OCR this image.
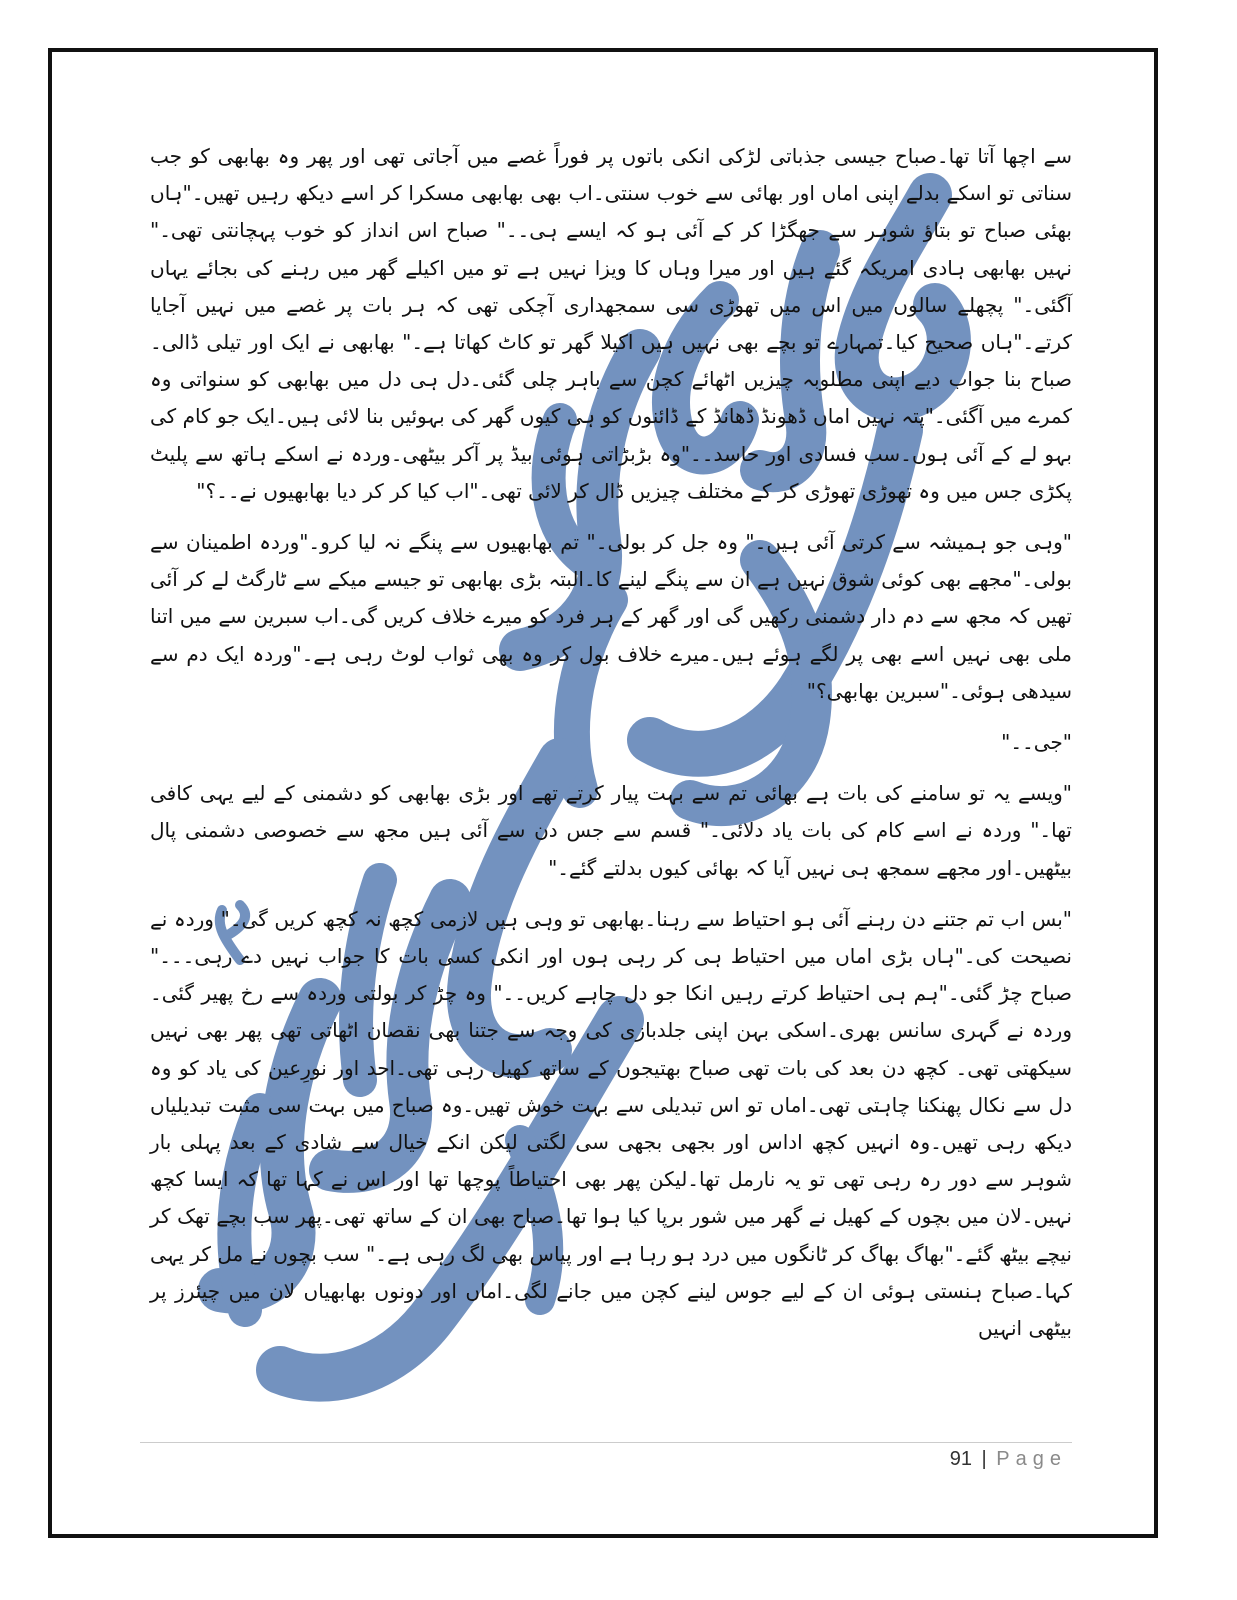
سے اچھا آتا تھا۔صباح جیسی جذباتی لڑکی انکی باتوں پر فوراً غصے میں آجاتی تھی اور پھر وہ بھابھی کو جب سناتی تو اسکے بدلے اپنی اماں اور بھائی سے خوب سنتی۔اب بھی بھابھی مسکرا کر اسے دیکھ رہیں تھیں۔"ہاں بھئی صباح تو بتاؤ شوہر سے جھگڑا کر کے آئی ہو کہ ایسے ہی۔۔" صباح اس انداز کو خوب پہچانتی تھی۔" نہیں بھابھی ہادی امریکہ گئے ہیں اور میرا وہاں کا ویزا نہیں ہے تو میں اکیلے گھر میں رہنے کی بجائے یہاں آگئی۔" پچھلے سالوں میں اس میں تھوڑی سی سمجھداری آچکی تھی کہ ہر بات پر غصے میں نہیں آجایا کرتے۔"ہاں صحیح کیا۔تمہارے تو بچے بھی نہیں ہیں اکیلا گھر تو کاٹ کھاتا ہے۔" بھابھی نے ایک اور تیلی ڈالی۔صباح بنا جواب دیے اپنی مطلوبہ چیزیں اٹھائے کچن سے باہر چلی گئی۔دل ہی دل میں بھابھی کو سنواتی وہ کمرے میں آگئی۔"پتہ نہیں اماں ڈھونڈ ڈھانڈ کے ڈائنوں کو ہی کیوں گھر کی بہوئیں بنا لائی ہیں۔ایک جو کام کی بہو لے کے آئی ہوں۔سب فسادی اور حاسد۔۔"وہ بڑبڑاتی ہوئی بیڈ پر آکر بیٹھی۔وردہ نے اسکے ہاتھ سے پلیٹ پکڑی جس میں وہ تھوڑی تھوڑی کر کے مختلف چیزیں ڈال کر لائی تھی۔"اب کیا کر کر دیا بھابھیوں نے۔۔؟"

"وہی جو ہمیشہ سے کرتی آئی ہیں۔" وہ جل کر بولی۔" تم بھابھیوں سے پنگے نہ لیا کرو۔"وردہ اطمینان سے بولی۔"مجھے بھی کوئی شوق نہیں ہے ان سے پنگے لینے کا۔البتہ بڑی بھابھی تو جیسے میکے سے ٹارگٹ لے کر آئی تھیں کہ مجھ سے دم دار دشمنی رکھیں گی اور گھر کے ہر فرد کو میرے خلاف کریں گی۔اب سبرین سے میں اتنا ملی بھی نہیں اسے بھی پر لگے ہوئے ہیں۔میرے خلاف بول کر وہ بھی ثواب لوٹ رہی ہے۔"وردہ ایک دم سے سیدھی ہوئی۔"سبرین بھابھی؟"

"جی۔۔"

"ویسے یہ تو سامنے کی بات ہے بھائی تم سے بہت پیار کرتے تھے اور بڑی بھابھی کو دشمنی کے لیے یہی کافی تھا۔" وردہ نے اسے کام کی بات یاد دلائی۔" قسم سے جس دن سے آئی ہیں مجھ سے خصوصی دشمنی پال بیٹھیں۔اور مجھے سمجھ ہی نہیں آیا کہ بھائی کیوں بدلتے گئے۔"

"بس اب تم جتنے دن رہنے آئی ہو احتیاط سے رہنا۔بھابھی تو وہی ہیں لازمی کچھ نہ کچھ کریں گی۔" وردہ نے نصیحت کی۔"ہاں بڑی اماں میں احتیاط ہی کر رہی ہوں اور انکی کسی بات کا جواب نہیں دے رہی۔۔۔" صباح چڑ گئی۔"ہم ہی احتیاط کرتے رہیں انکا جو دل چاہے کریں۔۔" وہ چڑ کر بولتی وردہ سے رخ پھیر گئی۔وردہ نے گہری سانس بھری۔اسکی بہن اپنی جلدبازی کی وجہ سے جتنا بھی نقصان اٹھاتی تھی پھر بھی نہیں سیکھتی تھی۔ کچھ دن بعد کی بات تھی صباح بھتیجوں کے ساتھ کھیل رہی تھی۔احد اور نورِعین کی یاد کو وہ دل سے نکال پھنکنا چاہتی تھی۔اماں تو اس تبدیلی سے بہت خوش تھیں۔وہ صباح میں بہت سی مثبت تبدیلیاں دیکھ رہی تھیں۔وہ انہیں کچھ اداس اور بجھی بجھی سی لگتی لیکن انکے خیال سے شادی کے بعد پہلی بار شوہر سے دور رہ رہی تھی تو یہ نارمل تھا۔لیکن پھر بھی احتیاطاً پوچھا تھا اور اس نے کہا تھا کہ ایسا کچھ نہیں۔لان میں بچوں کے کھیل نے گھر میں شور برپا کیا ہوا تھا۔صباح بھی ان کے ساتھ تھی۔پھر سب بچے تھک کر نیچے بیٹھ گئے۔"بھاگ بھاگ کر ٹانگوں میں درد ہو رہا ہے اور پیاس بھی لگ رہی ہے۔" سب بچوں نے مل کر یہی کہا۔صباح ہنستی ہوئی ان کے لیے جوس لینے کچن میں جانے لگی۔اماں اور دونوں بھابھیاں لان میں چیئرز پر بیٹھی انہیں

91 | Page
